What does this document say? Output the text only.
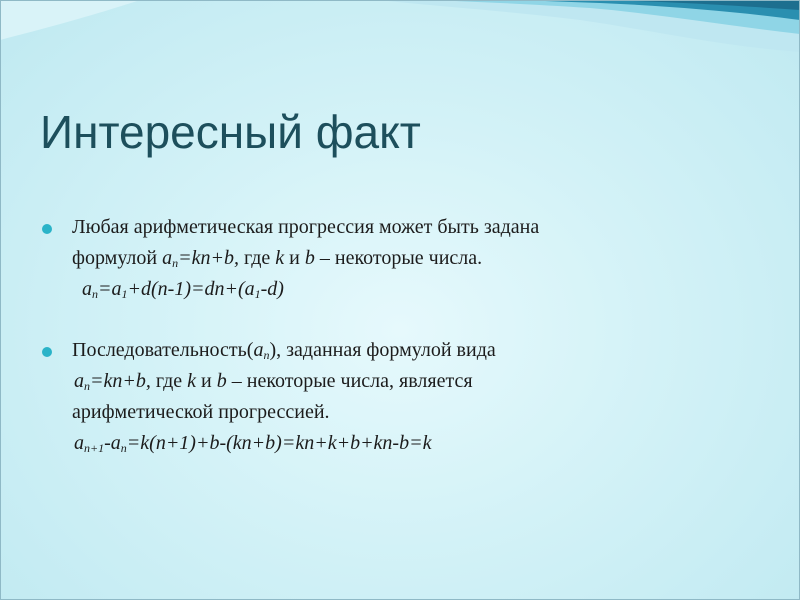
Интересный факт
Любая арифметическая прогрессия может быть задана
формулой $a_n=kn+b$, где k и b – некоторые числа.
$a_n=a_1+d(n-1)=dn+(a_1-d)$
$Последовательность(a_n)$, заданная формулой вида
$a_n=kn+b$, где k и b – некоторые числа, является
арифметической прогрессией.
$a_{n+1}-a_n=k(n+1)+b-(kn+b)=kn+k+b+kn-b=k$
